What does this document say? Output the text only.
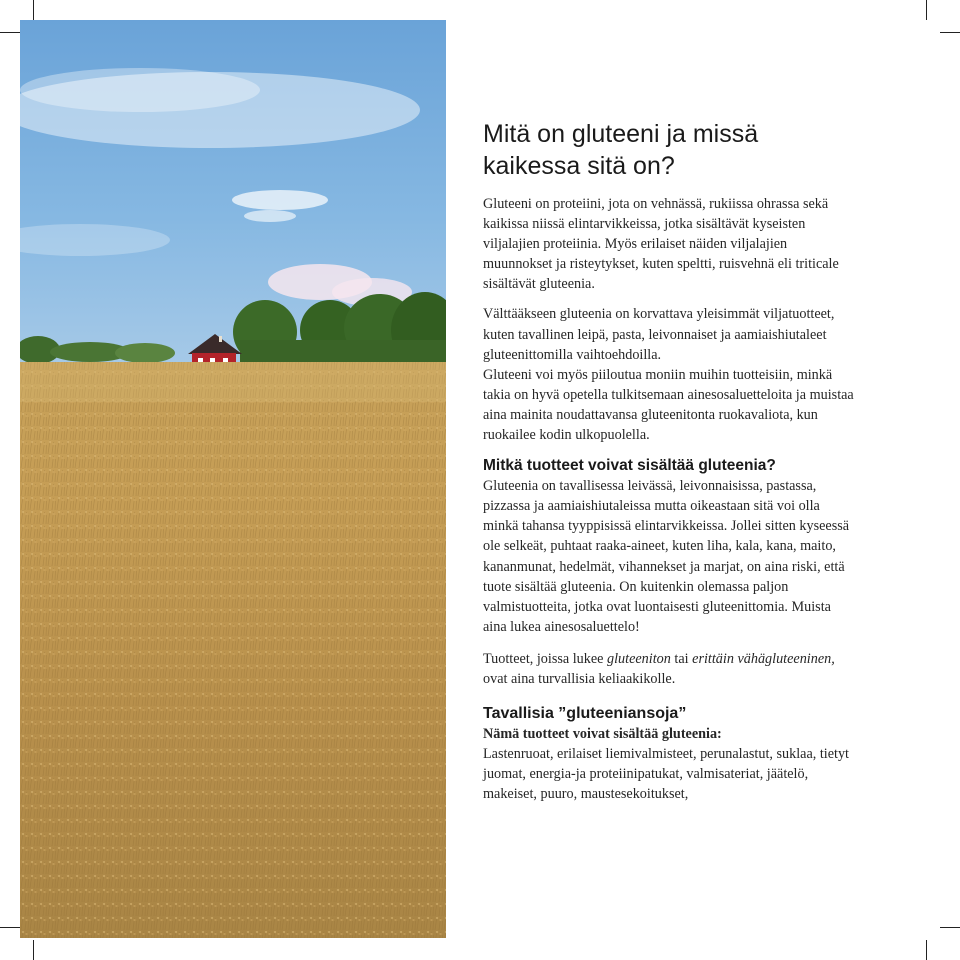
Mitä on gluteeni ja missä
kaikessa sitä on?

Gluteeni on proteiini, jota on vehnässä, rukiissa ohrassa sekä kaikissa niissä elintarvikkeissa, jotka sisältävät kyseisten viljalajien proteiinia. Myös erilaiset näiden viljalajien muunnokset ja risteytykset, kuten speltti, ruisvehnä eli triticale sisältävät gluteenia.

Välttääkseen gluteenia on korvattava yleisimmät viljatuotteet, kuten tavallinen leipä, pasta, leivonnaiset ja aamiaishiutaleet gluteenittomilla vaihtoehdoilla.

Gluteeni voi myös piiloutua moniin muihin tuotteisiin, minkä takia on hyvä opetella tulkitsemaan ainesosaluetteloita ja muistaa aina mainita noudattavansa gluteenitonta ruokavaliota, kun ruokailee kodin ulkopuolella.

Mitkä tuotteet voivat sisältää gluteenia?

Gluteenia on tavallisessa leivässä, leivonnaisissa, pastassa, pizzassa ja aamiaishiutaleissa mutta oikeastaan sitä voi olla minkä tahansa tyyppisissä elintarvikkeissa. Jollei sitten kyseessä ole selkeät, puhtaat raaka-aineet, kuten liha, kala, kana, maito, kananmunat, hedelmät, vihannekset ja marjat, on aina riski, että tuote sisältää gluteenia. On kuitenkin olemassa paljon valmistuotteita, jotka ovat luontaisesti gluteenittomia. Muista aina lukea ainesosaluettelo!

Tuotteet, joissa lukee gluteeniton tai erittäin vähägluteeninen, ovat aina turvallisia keliaakikolle.

Tavallisia ”gluteeniansoja”

Nämä tuotteet voivat sisältää gluteenia:

Lastenruoat, erilaiset liemivalmisteet, perunalastut, suklaa, tietyt juomat, energia-ja proteiinipatukat, valmisateriat, jäätelö, makeiset, puuro, maustesekoitukset,
